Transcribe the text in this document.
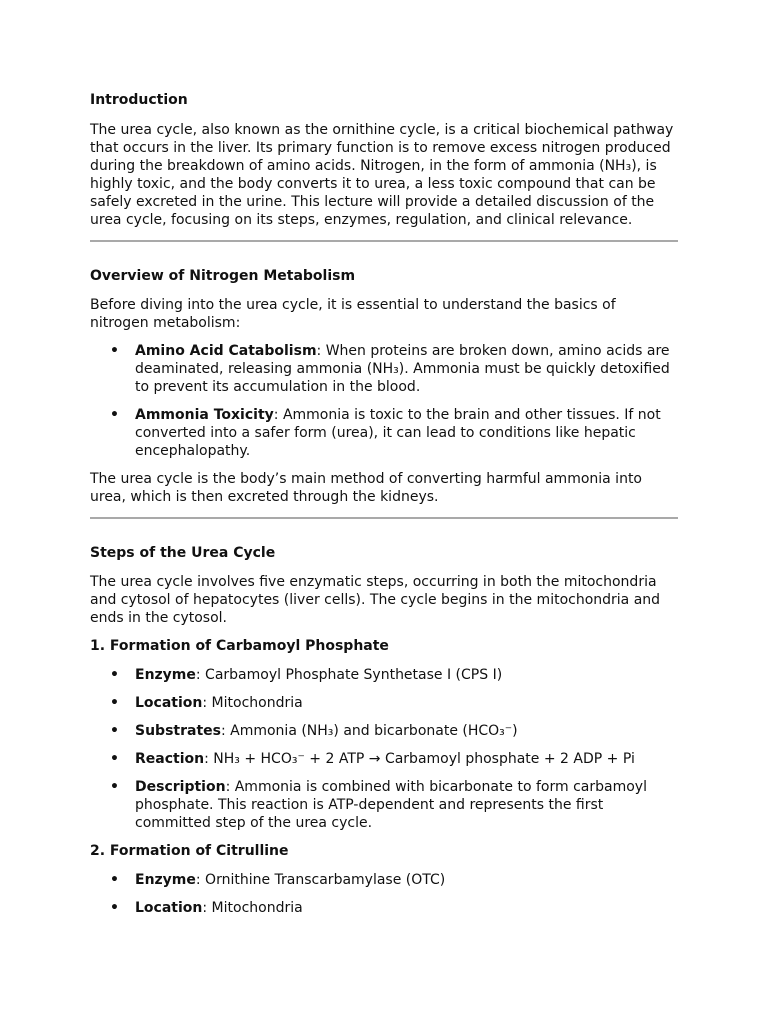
Introduction

The urea cycle, also known as the ornithine cycle, is a critical biochemical pathway that occurs in the liver. Its primary function is to remove excess nitrogen produced during the breakdown of amino acids. Nitrogen, in the form of ammonia (NH₃), is highly toxic, and the body converts it to urea, a less toxic compound that can be safely excreted in the urine. This lecture will provide a detailed discussion of the urea cycle, focusing on its steps, enzymes, regulation, and clinical relevance.

Overview of Nitrogen Metabolism

Before diving into the urea cycle, it is essential to understand the basics of nitrogen metabolism:

• Amino Acid Catabolism: When proteins are broken down, amino acids are deaminated, releasing ammonia (NH₃). Ammonia must be quickly detoxified to prevent its accumulation in the blood.
• Ammonia Toxicity: Ammonia is toxic to the brain and other tissues. If not converted into a safer form (urea), it can lead to conditions like hepatic encephalopathy.

The urea cycle is the body’s main method of converting harmful ammonia into urea, which is then excreted through the kidneys.

Steps of the Urea Cycle

The urea cycle involves five enzymatic steps, occurring in both the mitochondria and cytosol of hepatocytes (liver cells). The cycle begins in the mitochondria and ends in the cytosol.

1. Formation of Carbamoyl Phosphate
• Enzyme: Carbamoyl Phosphate Synthetase I (CPS I)
• Location: Mitochondria
• Substrates: Ammonia (NH₃) and bicarbonate (HCO₃⁻)
• Reaction: NH₃ + HCO₃⁻ + 2 ATP → Carbamoyl phosphate + 2 ADP + Pi
• Description: Ammonia is combined with bicarbonate to form carbamoyl phosphate. This reaction is ATP-dependent and represents the first committed step of the urea cycle.
2. Formation of Citrulline
• Enzyme: Ornithine Transcarbamylase (OTC)
• Location: Mitochondria
